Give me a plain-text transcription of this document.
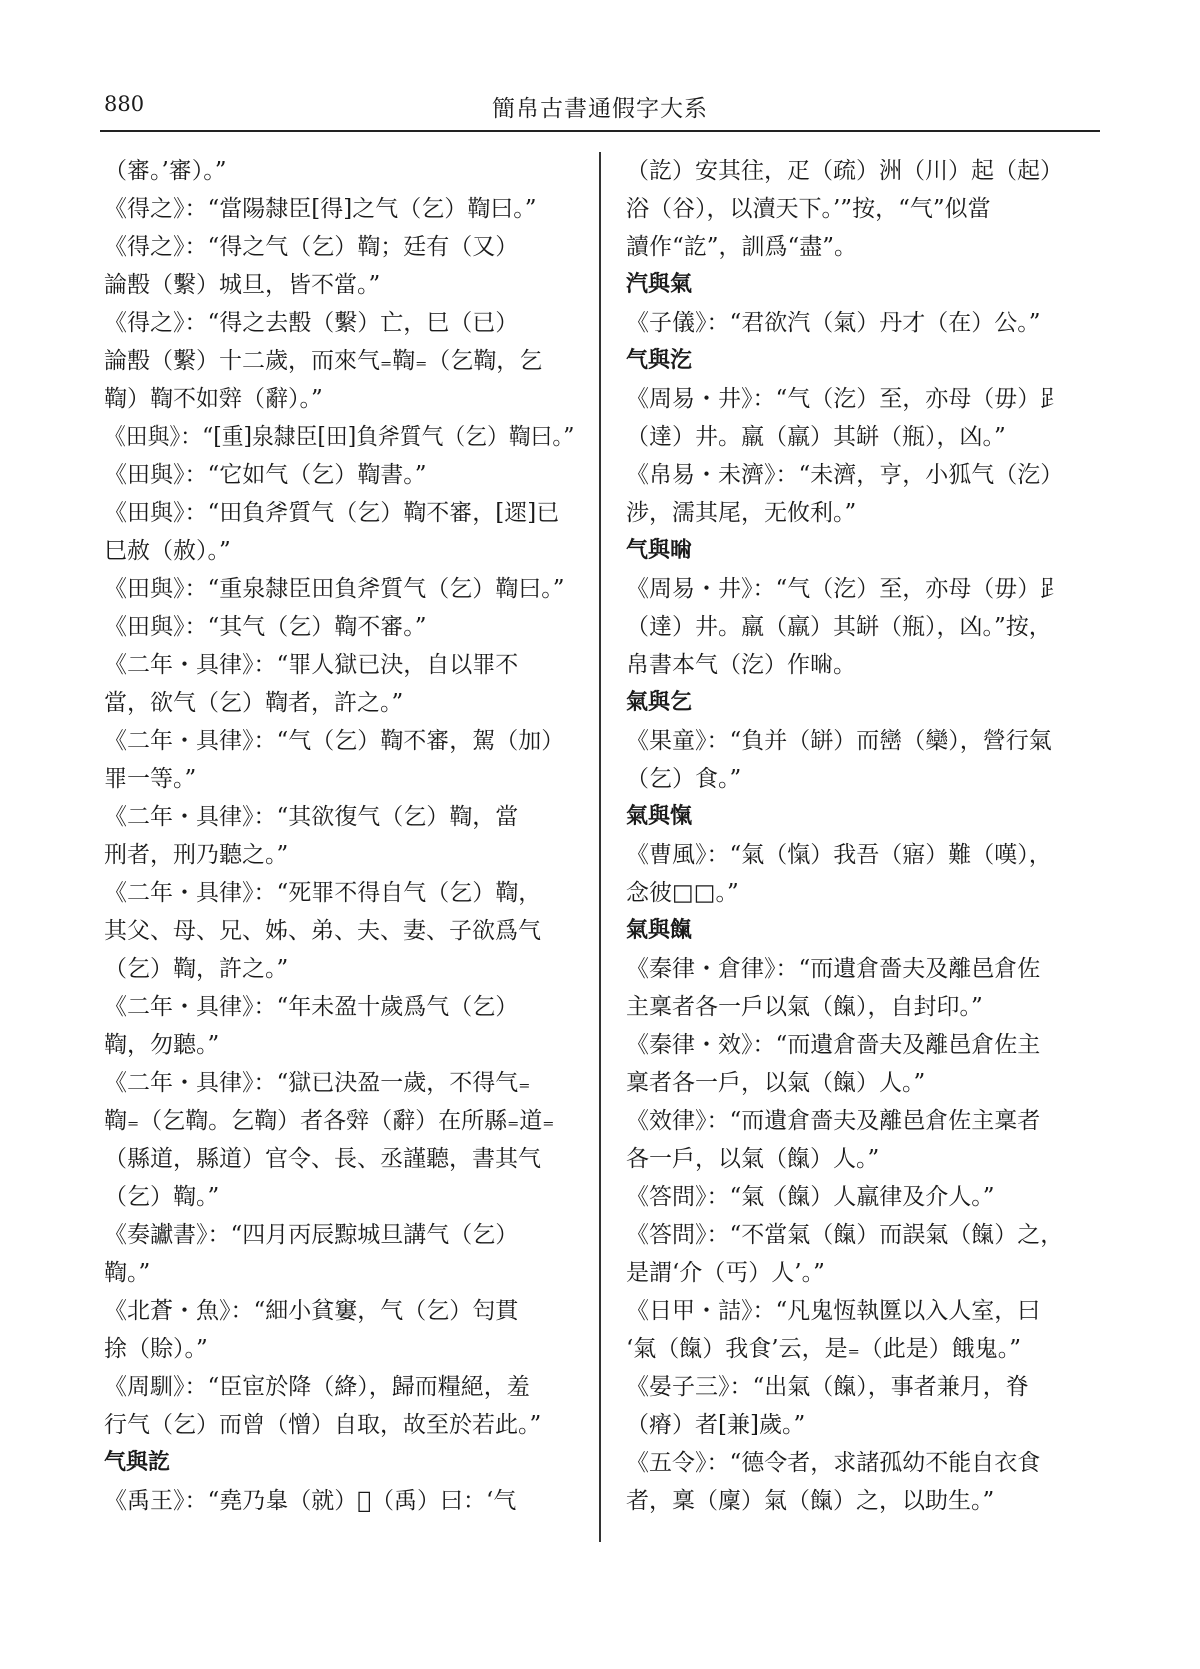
880	簡帛古書通假字大系
（審。’審）。”
《得之》：“當陽隸臣[得]之气（乞）鞫曰。”
《得之》：“得之气（乞）鞫；廷有（又）
論毄（繫）城旦，皆不當。”
《得之》：“得之去毄（繫）亡，巳（已）
論毄（繫）十二歲，而來气₌鞫₌（乞鞫，乞
鞫）鞫不如辤（辭）。”
《田與》：“[重]泉隸臣[田]負斧質气（乞）鞫曰。”
《田與》：“它如气（乞）鞫書。”
《田與》：“田負斧質气（乞）鞫不審，[遝]已
巳赦（赦）。”
《田與》：“重泉隸臣田負斧質气（乞）鞫曰。”
《田與》：“其气（乞）鞫不審。”
《二年・具律》：“罪人獄已決，自以罪不
當，欲气（乞）鞫者，許之。”
《二年・具律》：“气（乞）鞫不審，駕（加）
罪一等。”
《二年・具律》：“其欲復气（乞）鞫，當
刑者，刑乃聽之。”
《二年・具律》：“死罪不得自气（乞）鞫，
其父、母、兄、姊、弟、夫、妻、子欲爲气
（乞）鞫，許之。”
《二年・具律》：“年未盈十歲爲气（乞）
鞫，勿聽。”
《二年・具律》：“獄已決盈一歲，不得气₌
鞫₌（乞鞫。乞鞫）者各辤（辭）在所縣₌道₌
（縣道，縣道）官令、長、丞謹聽，書其气
（乞）鞫。”
《奏讞書》：“四月丙辰黥城旦講气（乞）
鞫。”
《北蒼・魚》：“細小貧窶，气（乞）匄貫
捈（賒）。”
《周馴》：“臣宦於降（絳），歸而糧絕，羞
行气（乞）而曾（憎）自取，故至於若此。”
气與訖
《禹王》：“堯乃𦤎（就）𢀚（禹）曰：‘气
（訖）安其往，疋（疏）洲（川）起（起）
浴（谷），以瀆天下。’”按，“气”似當
讀作“訖”，訓爲“盡”。
汽與氣
《子儀》：“君欲汽（氣）丹才（在）公。”
气與汔
《周易・井》：“气（汔）至，亦母（毋）𧾷
（達）井。羸（羸）其缾（瓶），凶。”
《帛易・未濟》：“未濟，亨，小狐气（汔）
涉，濡其尾，无攸利。”
气與𣇢
《周易・井》：“气（汔）至，亦母（毋）𧾷
（達）井。羸（羸）其缾（瓶），凶。”按，
帛書本气（汔）作𣇢。
氣與乞
《果童》：“負并（缾）而巒（欒），營行氣
（乞）食。”
氣與愾
《曹風》：“氣（愾）我吾（寤）難（嘆），
念彼□□。”
氣與餼
《秦律・倉律》：“而遺倉嗇夫及離邑倉佐
主稟者各一戶以氣（餼），自封印。”
《秦律・效》：“而遺倉嗇夫及離邑倉佐主
稟者各一戶，以氣（餼）人。”
《效律》：“而遺倉嗇夫及離邑倉佐主稟者
各一戶，以氣（餼）人。”
《答問》：“氣（餼）人羸律及介人。”
《答問》：“不當氣（餼）而誤氣（餼）之，
是謂‘介（丐）人’。”
《日甲・詰》：“凡鬼恆執匴以入人室，曰
‘氣（餼）我食’云，是₌（此是）餓鬼。”
《晏子三》：“出氣（餼），事者兼月，脊
（瘠）者[兼]歲。”
《五令》：“德令者，求諸孤幼不能自衣食
者，稟（廩）氣（餼）之，以助生。”
